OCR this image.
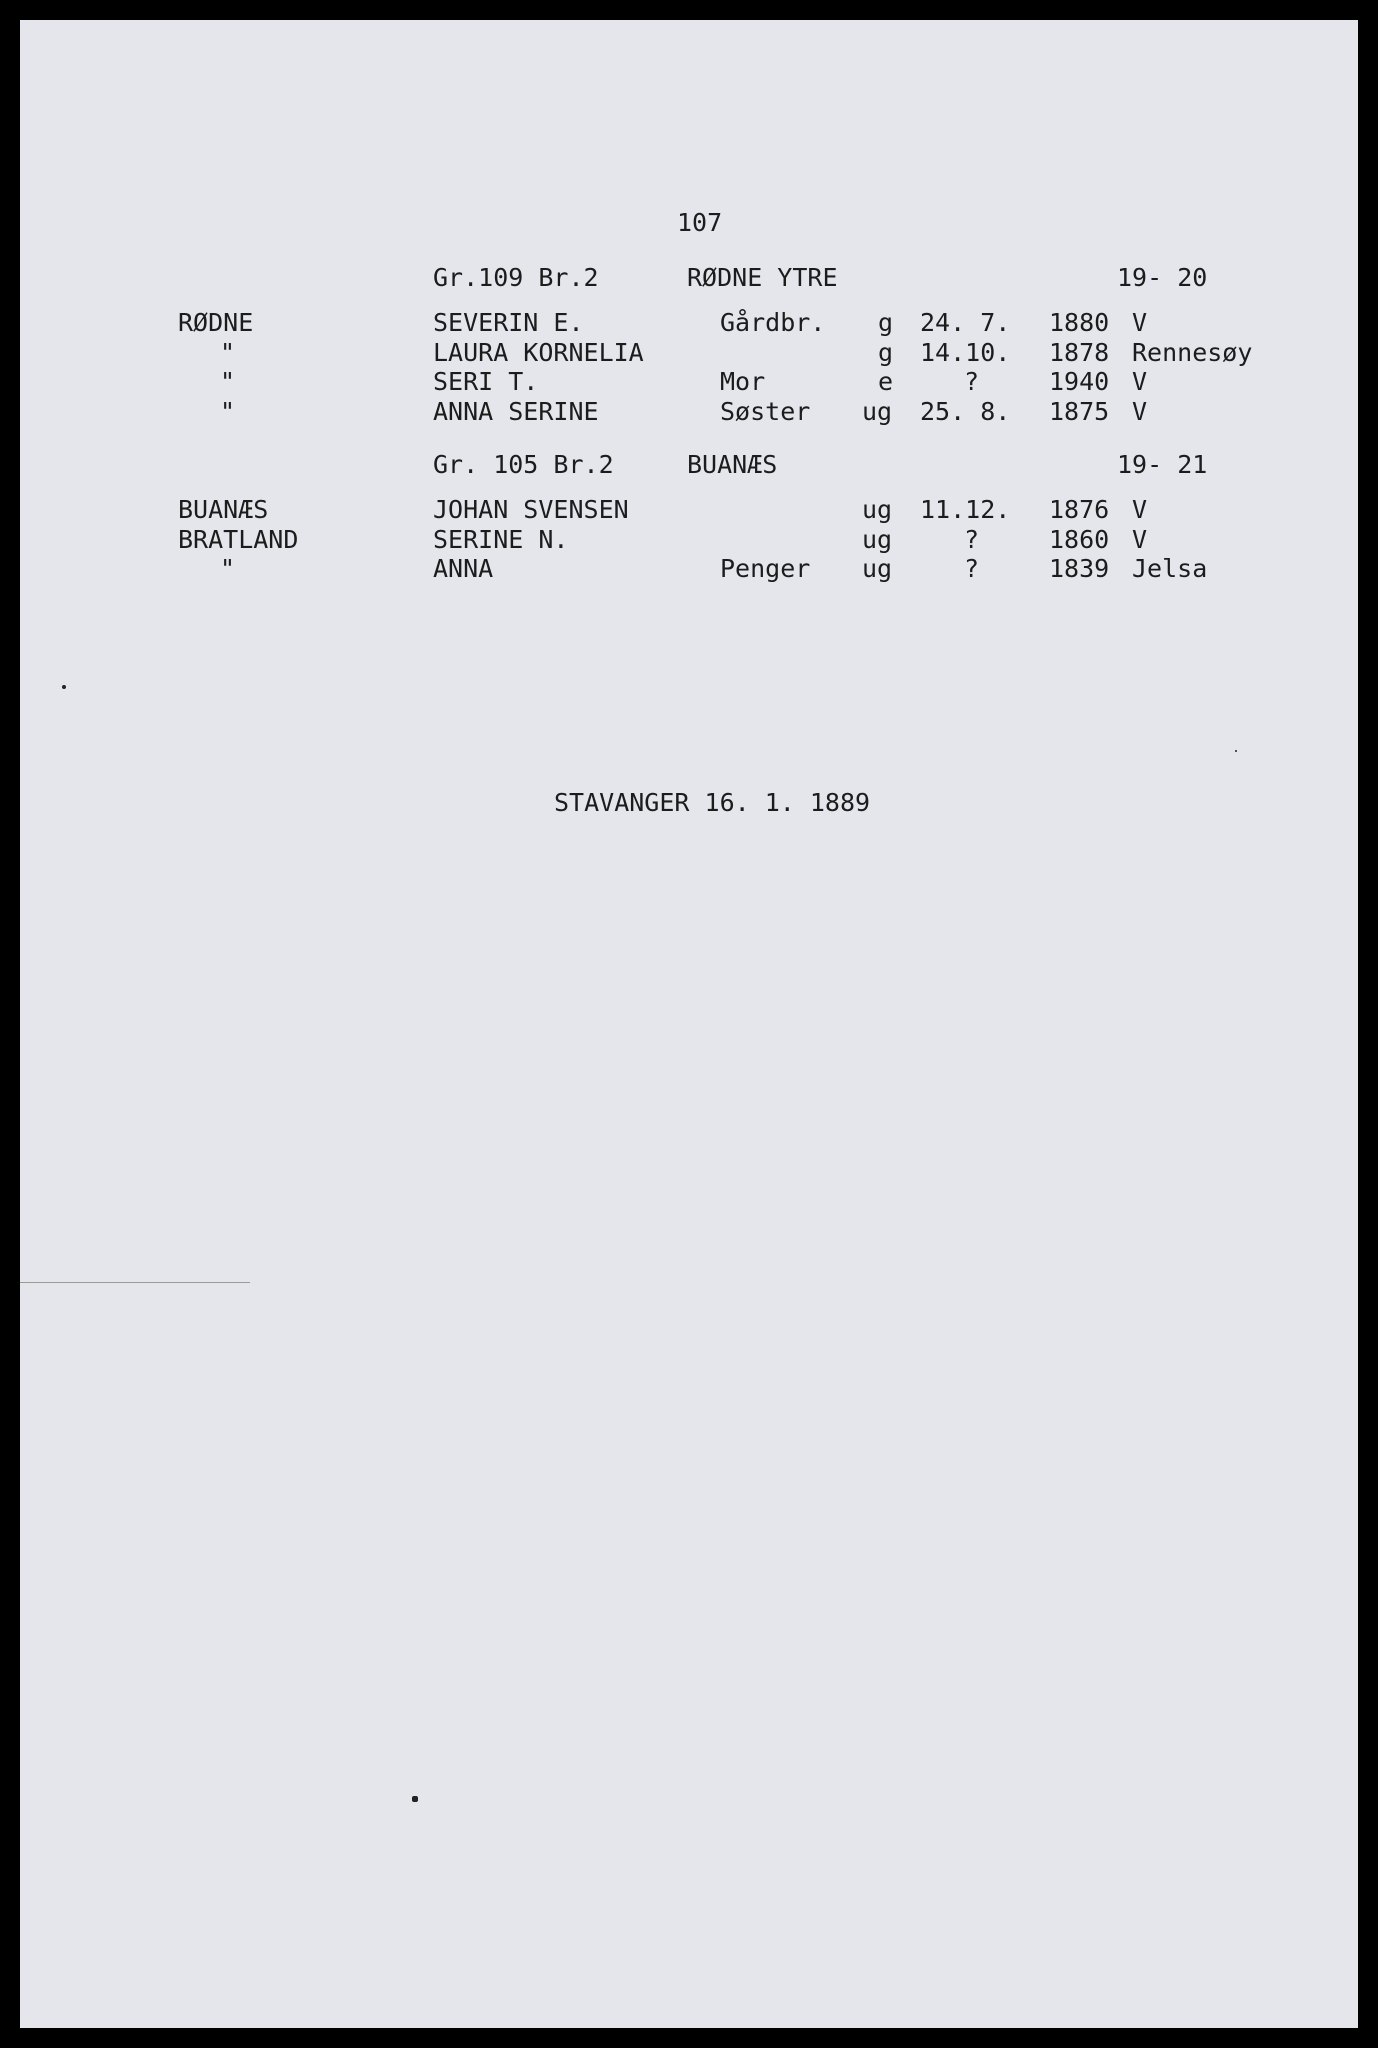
107
Gr.109 Br.2	RØDNE YTRE	19- 20
RØDNE	SEVERIN E.	Gårdbr. g 24. 7. 1880 V
"	LAURA KORNELIA	g 14.10. 1878 Rennesøy
"	SERI T.	Mor	e	?	1940 V
"	ANNA SERINE	Søster ug 25. 8. 1875 V
Gr. 105 Br.2	BUANÆS	19- 21
BUANÆS	JOHAN SVENSEN	ug 11.12. 1876 V
BRATLAND	SERINE N.	ug	?	1860 V
"	ANNA	Penger ug	?	1839 Jelsa
STAVANGER 16. 1. 1889
